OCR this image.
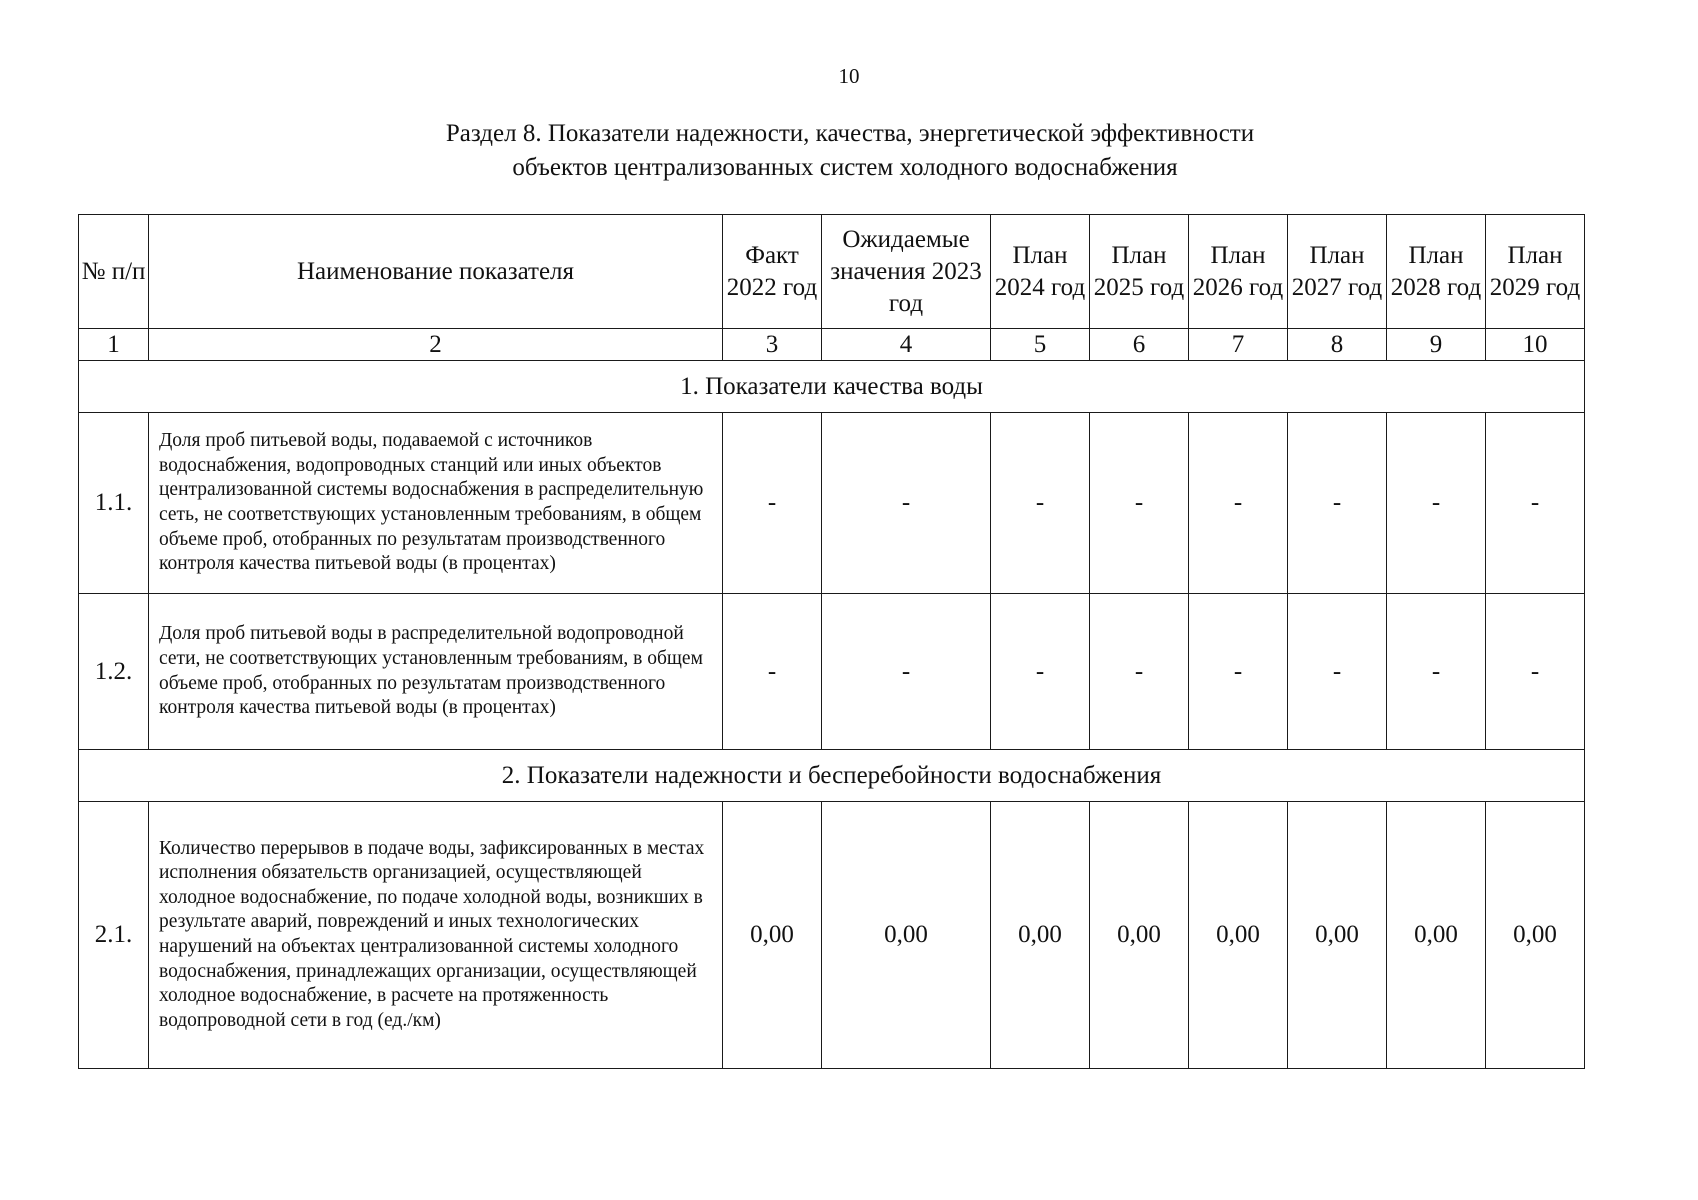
10
Раздел 8. Показатели надежности, качества, энергетической эффективности

объектов централизованных систем холодного водоснабжения
№ п/п	Наименование показателя	Факт 2022 год	Ожидаемые значения 2023 год	План 2024 год	План 2025 год	План 2026 год	План 2027 год	План 2028 год	План 2029 год
1	2	3	4	5	6	7	8	9	10
1. Показатели качества воды									
1.1.	Доля проб питьевой воды, подаваемой с источников водоснабжения, водопроводных станций или иных объектов централизованной системы водоснабжения в распределительную сеть, не соответствующих установленным требованиям, в общем объеме проб, отобранных по результатам производственного контроля качества питьевой воды (в процентах)	-	-	-	-	-	-	-	-
1.2.	Доля проб питьевой воды в распределительной водопроводной сети, не соответствующих установленным требованиям, в общем объеме проб, отобранных по результатам производственного контроля качества питьевой воды (в процентах)	-	-	-	-	-	-	-	-
2. Показатели надежности и бесперебойности водоснабжения									
2.1.	Количество перерывов в подаче воды, зафиксированных в местах исполнения обязательств организацией, осуществляющей холодное водоснабжение, по подаче холодной воды, возникших в результате аварий, повреждений и иных технологических нарушений на объектах централизованной системы холодного водоснабжения, принадлежащих организации, осуществляющей холодное водоснабжение, в расчете на протяженность водопроводной сети в год (ед./км)	0,00	0,00	0,00	0,00	0,00	0,00	0,00	0,00
